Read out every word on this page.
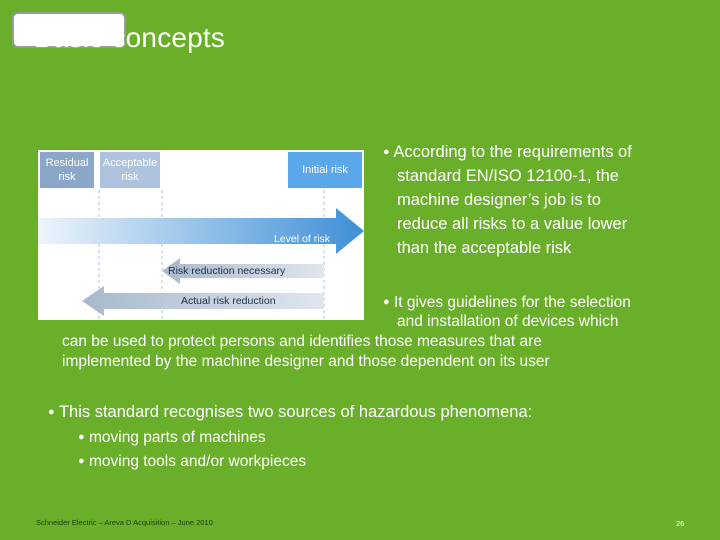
Basic concepts
Residual risk
Acceptable risk
Initial risk
Level of risk
Risk reduction necessary
Actual risk reduction
● According to the requirements of
standard EN/ISO 12100-1, the
machine designer’s job is to
reduce all risks to a value lower
than the acceptable risk
● It gives guidelines for the selection
and installation of devices which
can be used to protect persons and identifies those measures that are
implemented by the machine designer and those dependent on its user
● This standard recognises two sources of hazardous phenomena:
● moving parts of machines
● moving tools and/or workpieces
Schneider Electric – Areva D Acquisition – June 2010	26
